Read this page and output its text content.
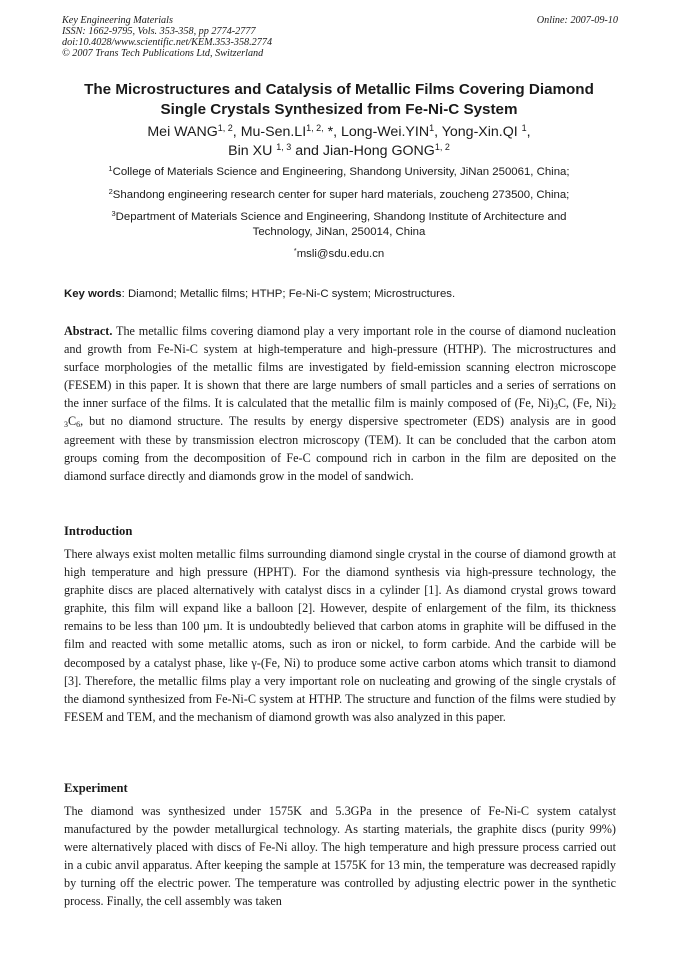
Key Engineering Materials	Online: 2007-09-10
ISSN: 1662-9795, Vols. 353-358, pp 2774-2777
doi:10.4028/www.scientific.net/KEM.353-358.2774
© 2007 Trans Tech Publications Ltd, Switzerland
The Microstructures and Catalysis of Metallic Films Covering Diamond
Single Crystals Synthesized from Fe-Ni-C System
Mei WANG$^{1, 2}$, $Mu-Sen.LI^{1, 2,}$ *, Long-Wei.YIN$^1$, Yong-Xin.QI $^1$,
Bin XU $^{1, 3}$ and Jian-Hong GONG$^{1, 2}$
$^1$College of Materials Science and Engineering, Shandong University, JiNan 250061, China;
$^2$Shandong engineering research center for super hard materials, zoucheng 273500, China;
$^3$Department of Materials Science and Engineering, Shandong Institute of Architecture and
Technology, JiNan, 250014, China
*msli@sdu.edu.cn
Key words: Diamond; Metallic films; HTHP; Fe-Ni-C system; Microstructures.

Abstract. The metallic films covering diamond play a very important role in the course of diamond nucleation and growth from Fe-Ni-C system at high-temperature and high-pressure (HTHP). The microstructures and surface morphologies of the metallic films are investigated by field-emission scanning electron microscope (FESEM) in this paper. It is shown that there are large numbers of small particles and a series of serrations on the inner surface of the films. It is calculated that the metallic film is mainly composed of (Fe, $Ni)_3C$, (Fe, $Ni)_{2 3}C_6$, but no diamond structure. The results by energy dispersive spectrometer (EDS) analysis are in good agreement with these by transmission electron microscopy (TEM). It can be concluded that the carbon atom groups coming from the decomposition of Fe-C compound rich in carbon in the film are deposited on the diamond surface directly and diamonds grow in the model of sandwich.

Introduction

There always exist molten metallic films surrounding diamond single crystal in the course of diamond growth at high temperature and high pressure (HPHT). For the diamond synthesis via high-pressure technology, the graphite discs are placed alternatively with catalyst discs in a cylinder [1]. As diamond crystal grows toward graphite, this film will expand like a balloon [2]. However, despite of enlargement of the film, its thickness remains to be less than 100 µm. It is undoubtedly believed that carbon atoms in graphite will be diffused in the film and reacted with some metallic atoms, such as iron or nickel, to form carbide. And the carbide will be decomposed by a catalyst phase, like γ-(Fe, Ni) to produce some active carbon atoms which transit to diamond [3]. Therefore, the metallic films play a very important role on nucleating and growing of the single crystals of the diamond synthesized from Fe-Ni-C system at HTHP. The structure and function of the films were studied by FESEM and TEM, and the mechanism of diamond growth was also analyzed in this paper.

Experiment

The diamond was synthesized under 1575K and 5.3GPa in the presence of Fe-Ni-C system catalyst manufactured by the powder metallurgical technology. As starting materials, the graphite discs (purity 99%) were alternatively placed with discs of Fe-Ni alloy. The high temperature and high pressure process carried out in a cubic anvil apparatus. After keeping the sample at 1575K for 13 min, the temperature was decreased rapidly by turning off the electric power. The temperature was controlled by adjusting electric power in the synthetic process. Finally, the cell assembly was taken
